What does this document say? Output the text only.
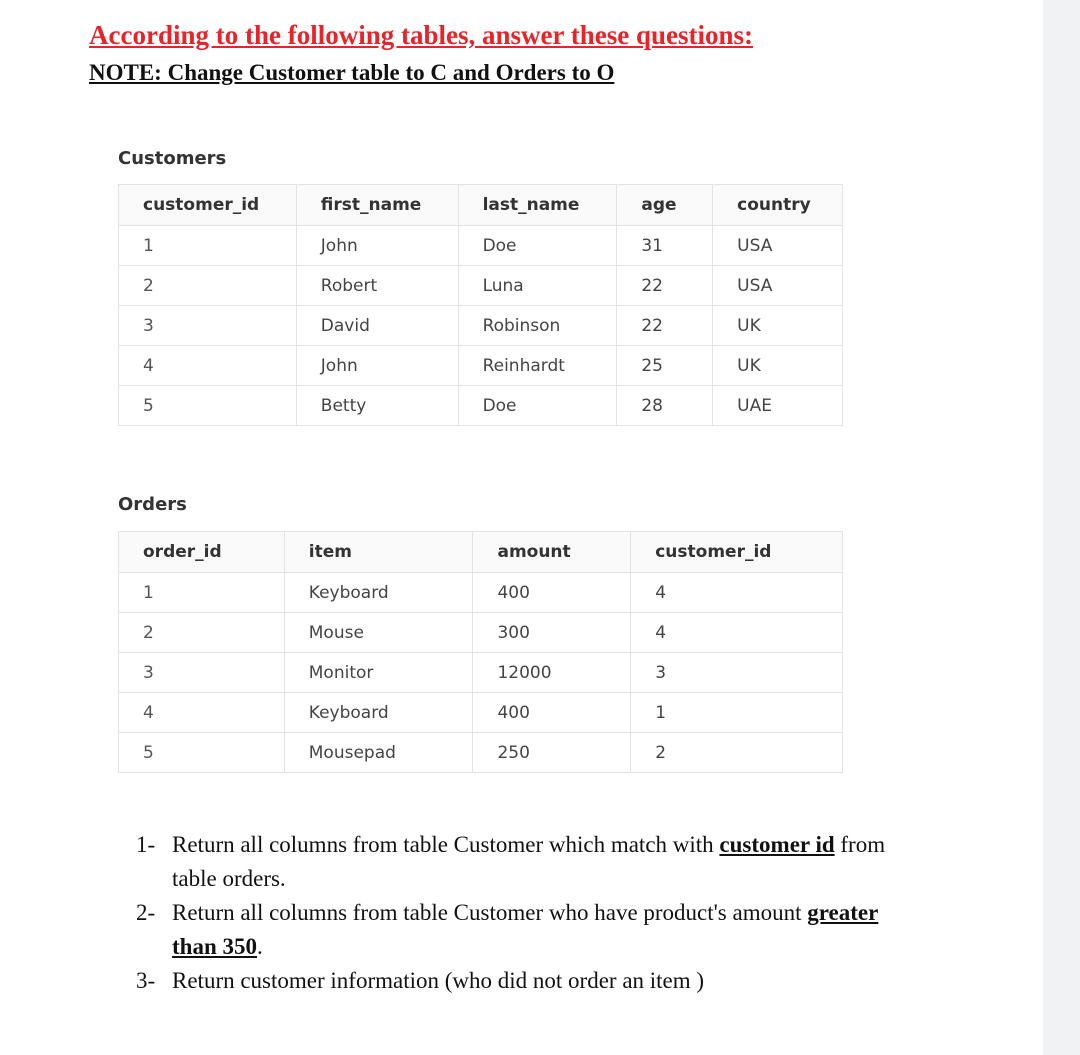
According to the following tables, answer these questions:
NOTE: Change Customer table to C and Orders to O
Customers
customer_id	first_name	last_name	age	country
1	John	Doe	31	USA
2	Robert	Luna	22	USA
3	David	Robinson	22	UK
4	John	Reinhardt	25	UK
5	Betty	Doe	28	UAE
Orders
order_id	item	amount	customer_id
1	Keyboard	400	4
2	Mouse	300	4
3	Monitor	12000	3
4	Keyboard	400	1
5	Mousepad	250	2
1- Return all columns from table Customer which match with customer id from table orders.
2- Return all columns from table Customer who have product's amount greater than 350.
3- Return customer information (who did not order an item )
